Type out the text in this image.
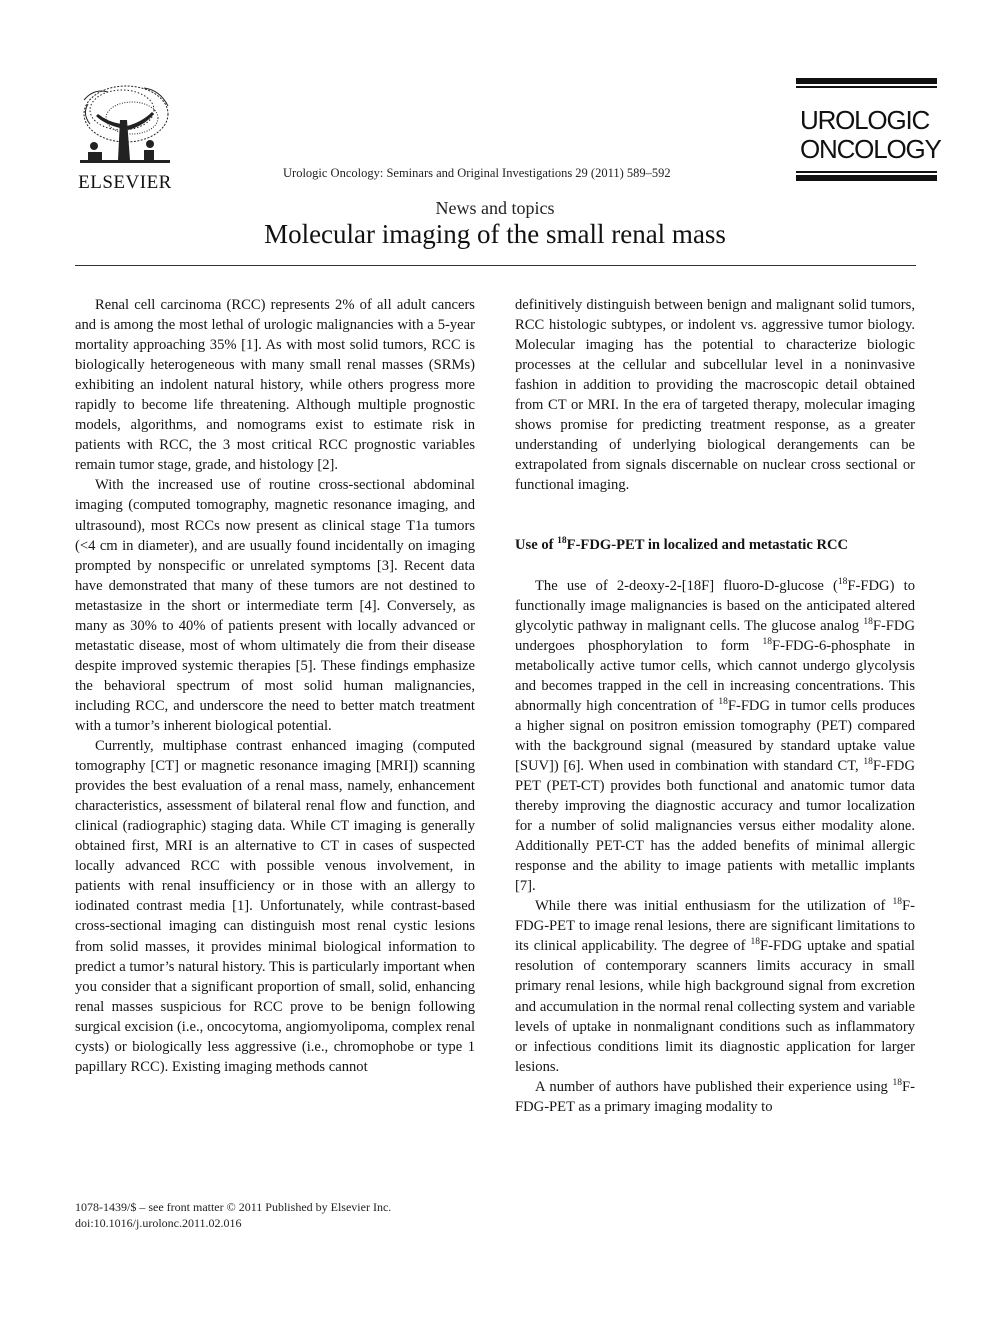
ELSEVIER	Urologic Oncology: Seminars and Original Investigations 29 (2011) 589–592
UROLOGIC
ONCOLOGY
News and topics
Molecular imaging of the small renal mass

Renal cell carcinoma (RCC) represents 2% of all adult cancers and is among the most lethal of urologic malignancies with a 5-year mortality approaching 35% [1]. As with most solid tumors, RCC is biologically heterogeneous with many small renal masses (SRMs) exhibiting an indolent natural history, while others progress more rapidly to become life threatening. Although multiple prognostic models, algorithms, and nomograms exist to estimate risk in patients with RCC, the 3 most critical RCC prognostic variables remain tumor stage, grade, and histology [2].

With the increased use of routine cross-sectional abdominal imaging (computed tomography, magnetic resonance imaging, and ultrasound), most RCCs now present as clinical stage T1a tumors (<4 cm in diameter), and are usually found incidentally on imaging prompted by nonspecific or unrelated symptoms [3]. Recent data have demonstrated that many of these tumors are not destined to metastasize in the short or intermediate term [4]. Conversely, as many as 30% to 40% of patients present with locally advanced or metastatic disease, most of whom ultimately die from their disease despite improved systemic therapies [5]. These findings emphasize the behavioral spectrum of most solid human malignancies, including RCC, and underscore the need to better match treatment with a tumor’s inherent biological potential.

Currently, multiphase contrast enhanced imaging (computed tomography [CT] or magnetic resonance imaging [MRI]) scanning provides the best evaluation of a renal mass, namely, enhancement characteristics, assessment of bilateral renal flow and function, and clinical (radiographic) staging data. While CT imaging is generally obtained first, MRI is an alternative to CT in cases of suspected locally advanced RCC with possible venous involvement, in patients with renal insufficiency or in those with an allergy to iodinated contrast media [1]. Unfortunately, while contrast-based cross-sectional imaging can distinguish most renal cystic lesions from solid masses, it provides minimal biological information to predict a tumor’s natural history. This is particularly important when you consider that a significant proportion of small, solid, enhancing renal masses suspicious for RCC prove to be benign following surgical excision (i.e., oncocytoma, angiomyolipoma, complex renal cysts) or biologically less aggressive (i.e., chromophobe or type 1 papillary RCC). Existing imaging methods cannot

definitively distinguish between benign and malignant solid tumors, RCC histologic subtypes, or indolent vs. aggressive tumor biology. Molecular imaging has the potential to characterize biologic processes at the cellular and subcellular level in a noninvasive fashion in addition to providing the macroscopic detail obtained from CT or MRI. In the era of targeted therapy, molecular imaging shows promise for predicting treatment response, as a greater understanding of underlying biological derangements can be extrapolated from signals discernable on nuclear cross sectional or functional imaging.

Use of $^{18}$F-FDG-PET in localized and metastatic RCC

The use of 2-deoxy-2-[18F] fluoro-D-glucose ($^{18}$F-FDG) to functionally image malignancies is based on the anticipated altered glycolytic pathway in malignant cells. The glucose analog $^{18}$F-FDG undergoes phosphorylation to form $^{18}$F-FDG-6-phosphate in metabolically active tumor cells, which cannot undergo glycolysis and becomes trapped in the cell in increasing concentrations. This abnormally high concentration of $^{18}$F-FDG in tumor cells produces a higher signal on positron emission tomography (PET) compared with the background signal (measured by standard uptake value [SUV]) [6]. When used in combination with standard CT, $^{18}$F-FDG PET (PET-CT) provides both functional and anatomic tumor data thereby improving the diagnostic accuracy and tumor localization for a number of solid malignancies versus either modality alone. Additionally PET-CT has the added benefits of minimal allergic response and the ability to image patients with metallic implants [7].

While there was initial enthusiasm for the utilization of $^{18}$F-FDG-PET to image renal lesions, there are significant limitations to its clinical applicability. The degree of $^{18}$F-FDG uptake and spatial resolution of contemporary scanners limits accuracy in small primary renal lesions, while high background signal from excretion and accumulation in the normal renal collecting system and variable levels of uptake in nonmalignant conditions such as inflammatory or infectious conditions limit its diagnostic application for larger lesions.

A number of authors have published their experience using $^{18}$F-FDG-PET as a primary imaging modality to

1078-1439/$ – see front matter © 2011 Published by Elsevier Inc.
doi:10.1016/j.urolonc.2011.02.016
